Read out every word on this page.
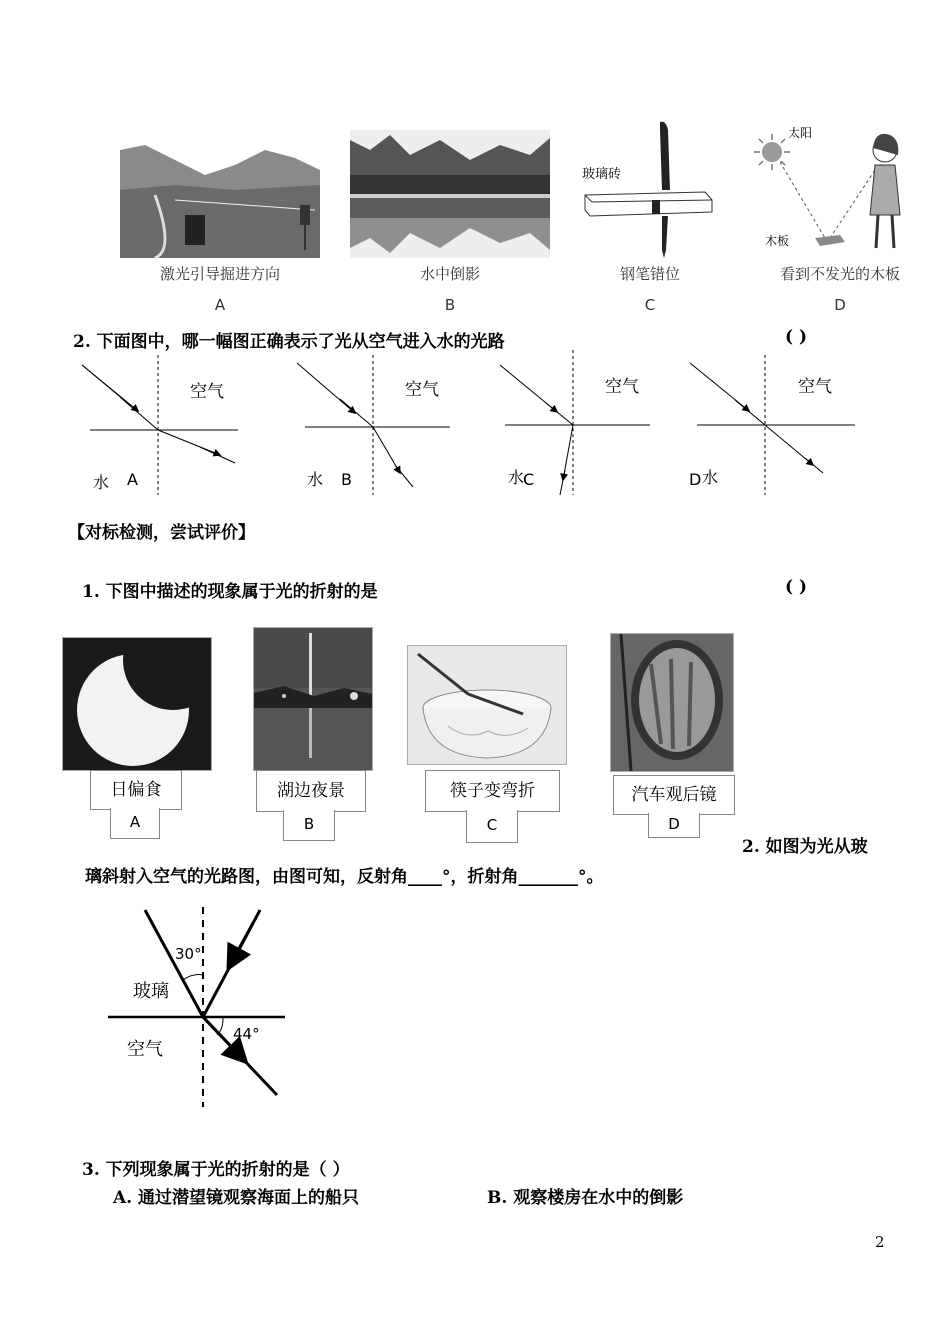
激光引导掘进方向
A
水中倒影
B
玻璃砖
钢笔错位
C
太阳
木板
看到不发光的木板
D
2. 下面图中，哪一幅图正确表示了光从空气进入水的光路	( )
空气
水 A
空气
水 B
空气
水
C
空气
D 水
【对标检测，尝试评价】
1. 下图中描述的现象属于光的折射的是	( )
日偏食
A
湖边夜景
B
筷子变弯折
C
汽车观后镜
D
2. 如图为光从玻
璃斜射入空气的光路图，由图可知，反射角____°，折射角_______°。
30°
44°
玻璃
空气
3. 下列现象属于光的折射的是（ ）
A. 通过潜望镜观察海面上的船只	B. 观察楼房在水中的倒影
2
